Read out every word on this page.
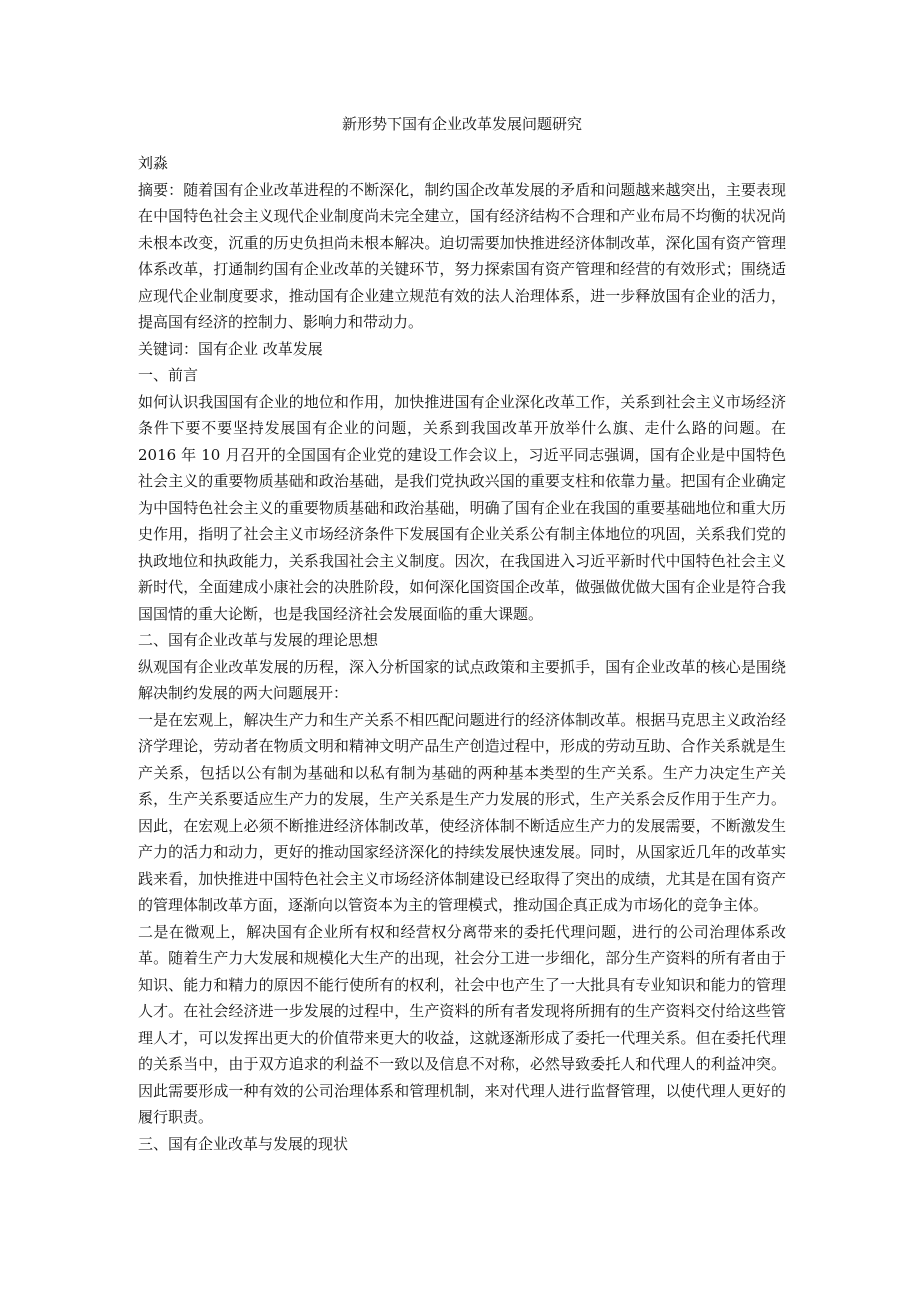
新形势下国有企业改革发展问题研究
刘淼
摘要：随着国有企业改革进程的不断深化，制约国企改革发展的矛盾和问题越来越突出，主要表现在中国特色社会主义现代企业制度尚未完全建立，国有经济结构不合理和产业布局不均衡的状况尚未根本改变，沉重的历史负担尚未根本解决。迫切需要加快推进经济体制改革，深化国有资产管理体系改革，打通制约国有企业改革的关键环节，努力探索国有资产管理和经营的有效形式；围绕适应现代企业制度要求，推动国有企业建立规范有效的法人治理体系，进一步释放国有企业的活力，提高国有经济的控制力、影响力和带动力。
关键词：国有企业 改革发展
一、前言
如何认识我国国有企业的地位和作用，加快推进国有企业深化改革工作，关系到社会主义市场经济条件下要不要坚持发展国有企业的问题，关系到我国改革开放举什么旗、走什么路的问题。在 2016 年 10 月召开的全国国有企业党的建设工作会议上，习近平同志强调，国有企业是中国特色社会主义的重要物质基础和政治基础，是我们党执政兴国的重要支柱和依靠力量。把国有企业确定为中国特色社会主义的重要物质基础和政治基础，明确了国有企业在我国的重要基础地位和重大历史作用，指明了社会主义市场经济条件下发展国有企业关系公有制主体地位的巩固，关系我们党的执政地位和执政能力，关系我国社会主义制度。因次，在我国进入习近平新时代中国特色社会主义新时代，全面建成小康社会的决胜阶段，如何深化国资国企改革，做强做优做大国有企业是符合我国国情的重大论断，也是我国经济社会发展面临的重大课题。
二、国有企业改革与发展的理论思想
纵观国有企业改革发展的历程，深入分析国家的试点政策和主要抓手，国有企业改革的核心是围绕解决制约发展的两大问题展开：
一是在宏观上，解决生产力和生产关系不相匹配问题进行的经济体制改革。根据马克思主义政治经济学理论，劳动者在物质文明和精神文明产品生产创造过程中，形成的劳动互助、合作关系就是生产关系，包括以公有制为基础和以私有制为基础的两种基本类型的生产关系。生产力决定生产关系，生产关系要适应生产力的发展，生产关系是生产力发展的形式，生产关系会反作用于生产力。因此，在宏观上必须不断推进经济体制改革，使经济体制不断适应生产力的发展需要，不断激发生产力的活力和动力，更好的推动国家经济深化的持续发展快速发展。同时，从国家近几年的改革实践来看，加快推进中国特色社会主义市场经济体制建设已经取得了突出的成绩，尤其是在国有资产的管理体制改革方面，逐渐向以管资本为主的管理模式，推动国企真正成为市场化的竞争主体。
二是在微观上，解决国有企业所有权和经营权分离带来的委托代理问题，进行的公司治理体系改革。随着生产力大发展和规模化大生产的出现，社会分工进一步细化，部分生产资料的所有者由于知识、能力和精力的原因不能行使所有的权利，社会中也产生了一大批具有专业知识和能力的管理人才。在社会经济进一步发展的过程中，生产资料的所有者发现将所拥有的生产资料交付给这些管理人才，可以发挥出更大的价值带来更大的收益，这就逐渐形成了委托一代理关系。但在委托代理的关系当中，由于双方追求的利益不一致以及信息不对称，必然导致委托人和代理人的利益冲突。因此需要形成一种有效的公司治理体系和管理机制，来对代理人进行监督管理，以使代理人更好的履行职责。
三、国有企业改革与发展的现状
